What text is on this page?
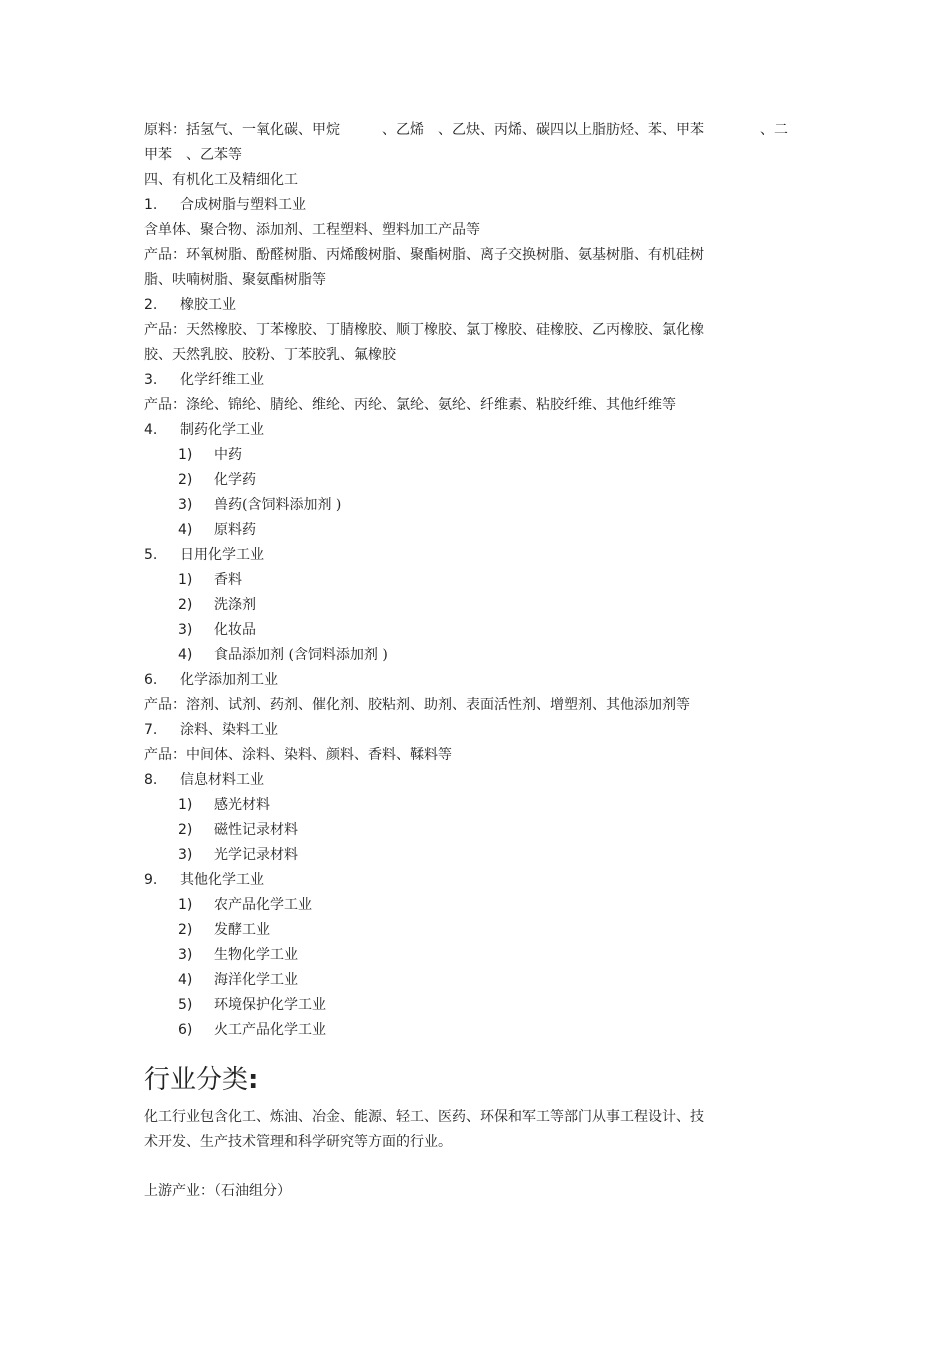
原料：括氢气、一氧化碳、甲烷　　　、乙烯　、乙炔、丙烯、碳四以上脂肪烃、苯、甲苯　　　　、二
甲苯　、乙苯等
四、有机化工及精细化工
1.	合成树脂与塑料工业
含单体、聚合物、添加剂、工程塑料、塑料加工产品等
产品：环氧树脂、酚醛树脂、丙烯酸树脂、聚酯树脂、离子交换树脂、氨基树脂、有机硅树
脂、呋喃树脂、聚氨酯树脂等
2.	橡胶工业
产品：天然橡胶、丁苯橡胶、丁腈橡胶、顺丁橡胶、氯丁橡胶、硅橡胶、乙丙橡胶、氯化橡
胶、天然乳胶、胶粉、丁苯胶乳、氟橡胶
3.	化学纤维工业
产品：涤纶、锦纶、腈纶、维纶、丙纶、氯纶、氨纶、纤维素、粘胶纤维、其他纤维等
4.	制药化学工业
1)	中药
2)	化学药
3)	兽药(含饲料添加剂 )
4)	原料药
5.	日用化学工业
1)	香料
2)	洗涤剂
3)	化妆品
4)	食品添加剂 (含饲料添加剂 )
6.	化学添加剂工业
产品：溶剂、试剂、药剂、催化剂、胶粘剂、助剂、表面活性剂、增塑剂、其他添加剂等
7.	涂料、染料工业
产品：中间体、涂料、染料、颜料、香料、鞣料等
8.	信息材料工业
1)	感光材料
2)	磁性记录材料
3)	光学记录材料
9.	其他化学工业
1)	农产品化学工业
2)	发酵工业
3)	生物化学工业
4)	海洋化学工业
5)	环境保护化学工业
6)	火工产品化学工业
行业分类:
化工行业包含化工、炼油、冶金、能源、轻工、医药、环保和军工等部门从事工程设计、技
术开发、生产技术管理和科学研究等方面的行业。
上游产业：（石油组分）
